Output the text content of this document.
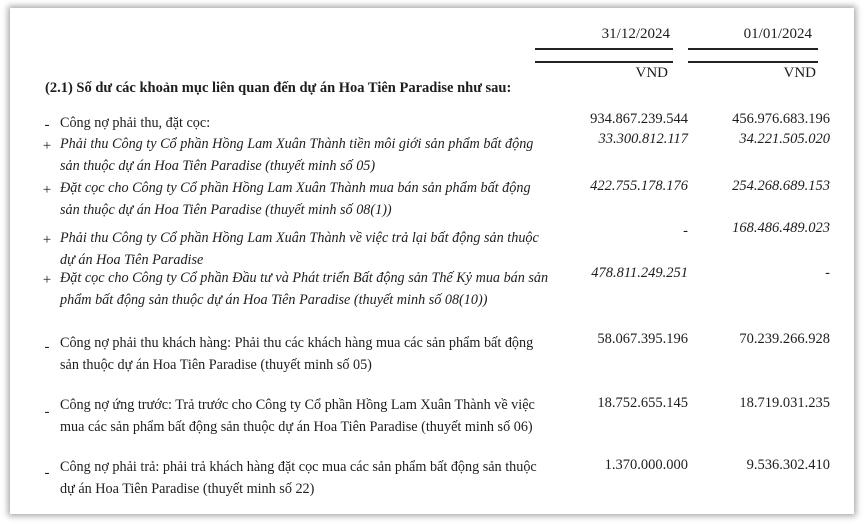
31/12/2024	01/01/2024
VND	VND
(2.1) Số dư các khoản mục liên quan đến dự án Hoa Tiên Paradise như sau:
- Công nợ phải thu, đặt cọc:	934.867.239.544	456.976.683.196
+ Phải thu Công ty Cổ phần Hồng Lam Xuân Thành tiền môi giới sản phẩm bất động sản thuộc dự án Hoa Tiên Paradise (thuyết minh số 05)
33.300.812.117	34.221.505.020
+ Đặt cọc cho Công ty Cổ phần Hồng Lam Xuân Thành mua bán sản phẩm bất động sản thuộc dự án Hoa Tiên Paradise (thuyết minh số 08(1))
422.755.178.176	254.268.689.153
+ Phải thu Công ty Cổ phần Hồng Lam Xuân Thành về việc trả lại bất động sản thuộc dự án Hoa Tiên Paradise
-	168.486.489.023
+ Đặt cọc cho Công ty Cổ phần Đầu tư và Phát triển Bất động sản Thế Kỷ mua bán sản phẩm bất động sản thuộc dự án Hoa Tiên Paradise (thuyết minh số 08(10))
478.811.249.251	-
- Công nợ phải thu khách hàng: Phải thu các khách hàng mua các sản phẩm bất động sản thuộc dự án Hoa Tiên Paradise (thuyết minh số 05)
58.067.395.196	70.239.266.928
- Công nợ ứng trước: Trả trước cho Công ty Cổ phần Hồng Lam Xuân Thành về việc mua các sản phẩm bất động sản thuộc dự án Hoa Tiên Paradise (thuyết minh số 06)
18.752.655.145	18.719.031.235
- Công nợ phải trả: phải trả khách hàng đặt cọc mua các sản phẩm bất động sản thuộc dự án Hoa Tiên Paradise (thuyết minh số 22)
1.370.000.000	9.536.302.410
